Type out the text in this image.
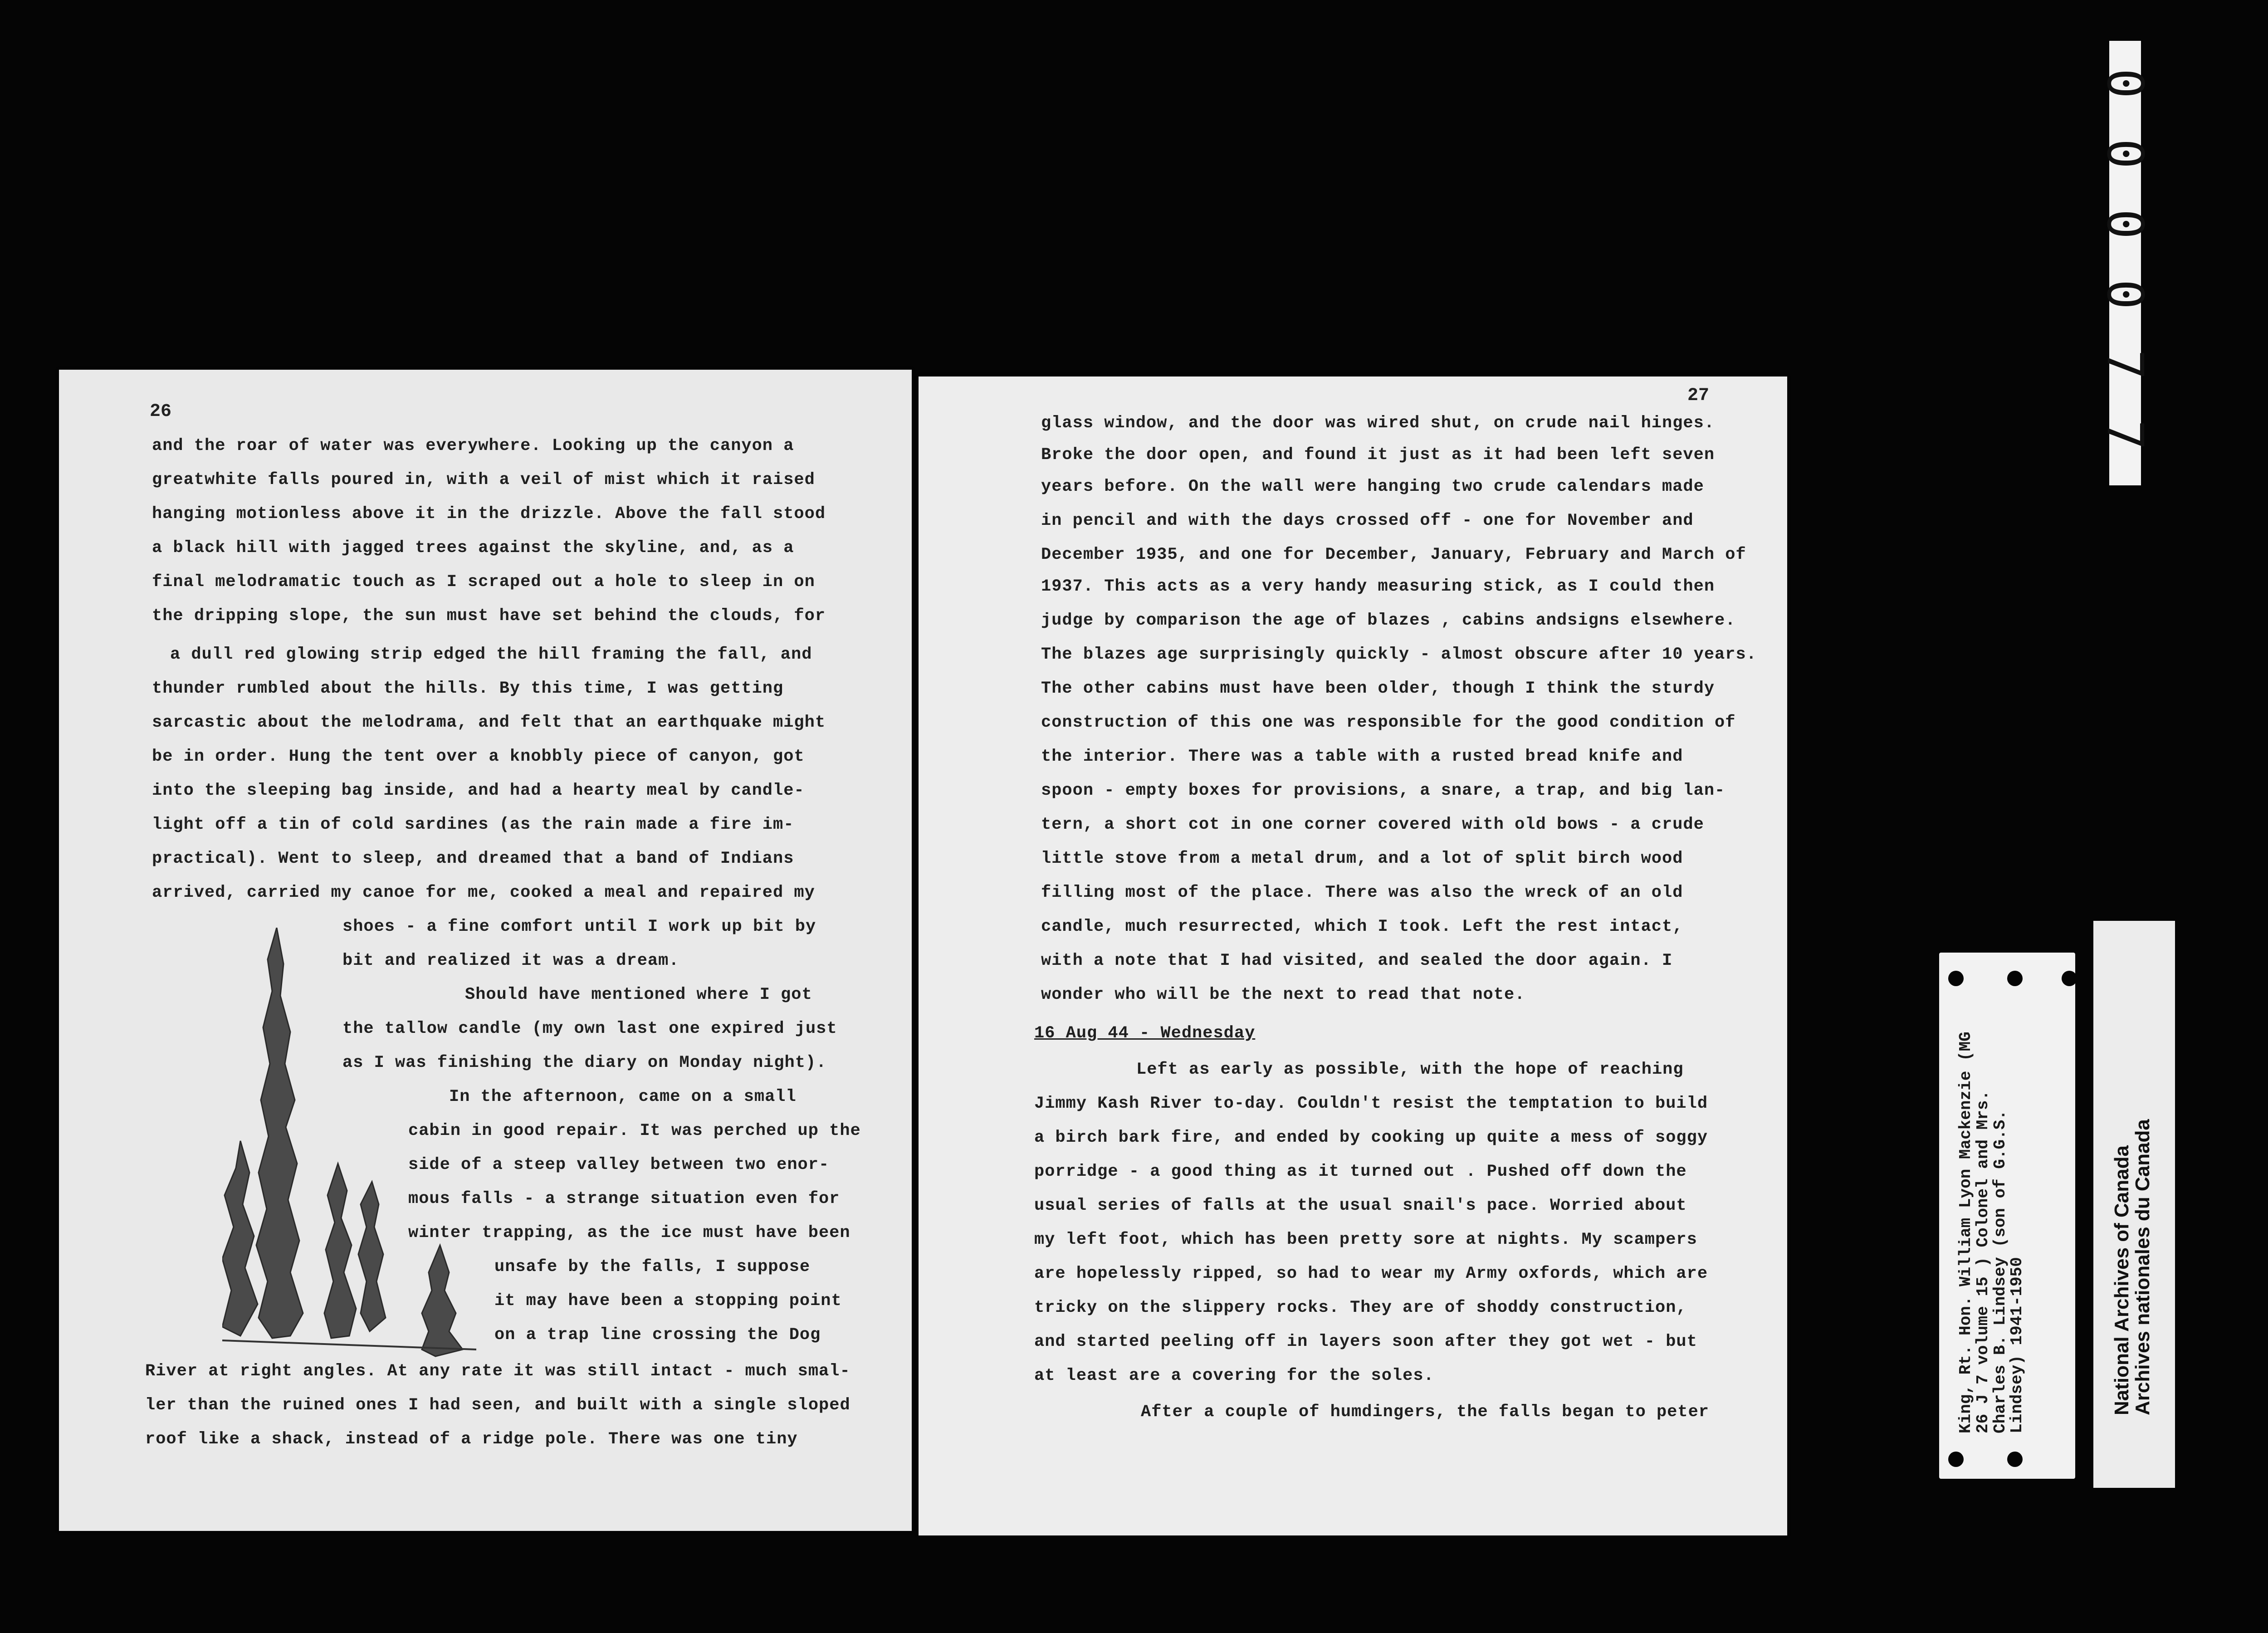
26
and the roar of water was everywhere. Looking up the canyon a
greatwhite falls poured in, with a veil of mist which it raised
hanging motionless above it in the drizzle. Above the fall stood
a black hill with jagged trees against the skyline, and, as a
final melodramatic touch as I scraped out a hole to sleep in on
the dripping slope, the sun must have set behind the clouds, for
a dull red glowing strip edged the hill framing the fall, and
thunder rumbled about the hills. By this time, I was getting
sarcastic about the melodrama, and felt that an earthquake might
be in order. Hung the tent over a knobbly piece of canyon, got
into the sleeping bag inside, and had a hearty meal by candle-
light off a tin of cold sardines (as the rain made a fire im-
practical). Went to sleep, and dreamed that a band of Indians
arrived, carried my canoe for me, cooked a meal and repaired my
shoes - a fine comfort until I work up bit by
bit and realized it was a dream.
Should have mentioned where I got
the tallow candle (my own last one expired just
as I was finishing the diary on Monday night).
In the afternoon, came on a small
cabin in good repair. It was perched up the
side of a steep valley between two enor-
mous falls - a strange situation even for
winter trapping, as the ice must have been
unsafe by the falls, I suppose
it may have been a stopping point
on a trap line crossing the Dog
River at right angles. At any rate it was still intact - much smal-
ler than the ruined ones I had seen, and built with a single sloped
roof like a shack, instead of a ridge pole. There was one tiny
27
glass window, and the door was wired shut, on crude nail hinges.
Broke the door open, and found it just as it had been left seven
years before. On the wall were hanging two crude calendars made
in pencil and with the days crossed off - one for November and
December 1935, and one for December, January, February and March of
1937. This acts as a very handy measuring stick, as I could then
judge by comparison the age of blazes , cabins andsigns elsewhere.
The blazes age surprisingly quickly - almost obscure after 10 years.
The other cabins must have been older, though I think the sturdy
construction of this one was responsible for the good condition of
the interior. There was a table with a rusted bread knife and
spoon - empty boxes for provisions, a snare, a trap, and big lan-
tern, a short cot in one corner covered with old bows - a crude
little stove from a metal drum, and a lot of split birch wood
filling most of the place. There was also the wreck of an old
candle, much resurrected, which I took. Left the rest intact,
with a note that I had visited, and sealed the door again. I
wonder who will be the next to read that note.
16 Aug 44 - Wednesday
Left as early as possible, with the hope of reaching
Jimmy Kash River to-day. Couldn't resist the temptation to build
a birch bark fire, and ended by cooking up quite a mess of soggy
porridge - a good thing as it turned out . Pushed off down the
usual series of falls at the usual snail's pace. Worried about
my left foot, which has been pretty sore at nights. My scampers
are hopelessly ripped, so had to wear my Army oxfords, which are
tricky on the slippery rocks. They are of shoddy construction,
and started peeling off in layers soon after they got wet - but
at least are a covering for the soles.
After a couple of humdingers, the falls began to peter
0
0
0
0
7
7
King, Rt. Hon. William Lyon Mackenzie (MG
26 J 7 volume 15 ) Colonel and Mrs.
Charles B. Lindsey (son of G.G.S.
Lindsey) 1941-1950	National Archives of Canada
Archives nationales du Canada
